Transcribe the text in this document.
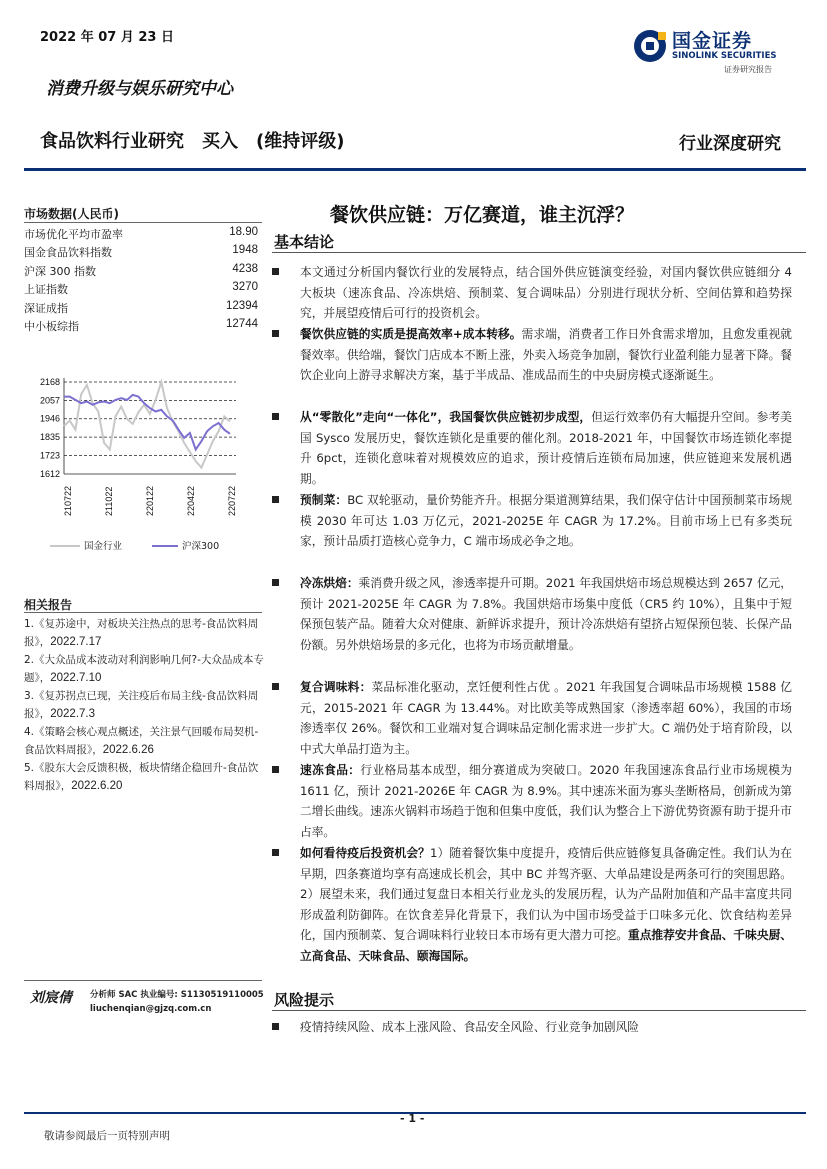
2022 年 07 月 23 日	国金证券
SINOLINK SECURITIES
证券研究报告
消费升级与娱乐研究中心
食品饮料行业研究 买入 (维持评级)	行业深度研究
市场数据(人民币)
市场优化平均市盈率	18.90
国金食品饮料指数	1948
沪深 300 指数	4238
上证指数	3270
深证成指	12394
中小板综指	12744
2168
2057
1946
1835
1723
1612
210722	211022	220122	220422	220722
国金行业	沪深300
相关报告
1.《复苏途中，对板块关注热点的思考-食品饮料周报》，2022.7.17
2.《大众品成本波动对利润影响几何?-大众品成本专题》，2022.7.10
3.《复苏拐点已现，关注疫后布局主线-食品饮料周报》，2022.7.3
4.《策略会核心观点概述，关注景气回暖布局契机-食品饮料周报》，2022.6.26
5.《股东大会反馈积极，板块情绪企稳回升-食品饮料周报》，2022.6.20
刘宸倩 分析师 SAC 执业编号: S1130519110005
liuchenqian@gjzq.com.cn
餐饮供应链：万亿赛道，谁主沉浮？
基本结论
本文通过分析国内餐饮行业的发展特点，结合国外供应链演变经验，对国内餐饮供应链细分 4 大板块（速冻食品、冷冻烘焙、预制菜、复合调味品）分别进行现状分析、空间估算和趋势探究，并展望疫情后可行的投资机会。
餐饮供应链的实质是提高效率+成本转移。需求端，消费者工作日外食需求增加，且愈发重视就餐效率。供给端，餐饮门店成本不断上涨，外卖入场竞争加剧，餐饮行业盈利能力显著下降。餐饮企业向上游寻求解决方案，基于半成品、准成品而生的中央厨房模式逐渐诞生。
从“零散化”走向“一体化”，我国餐饮供应链初步成型，但运行效率仍有大幅提升空间。参考美国 Sysco 发展历史，餐饮连锁化是重要的催化剂。2018-2021 年，中国餐饮市场连锁化率提升 6pct，连锁化意味着对规模效应的追求，预计疫情后连锁布局加速，供应链迎来发展机遇期。
预制菜：BC 双轮驱动，量价势能齐升。根据分渠道测算结果，我们保守估计中国预制菜市场规模 2030 年可达 1.03 万亿元，2021-2025E 年 CAGR 为 17.2%。目前市场上已有多类玩家，预计品质打造核心竞争力，C 端市场成必争之地。
冷冻烘焙：乘消费升级之风，渗透率提升可期。2021 年我国烘焙市场总规模达到 2657 亿元，预计 2021-2025E 年 CAGR 为 7.8%。我国烘焙市场集中度低（CR5 约 10%），且集中于短保预包装产品。随着大众对健康、新鲜诉求提升，预计冷冻烘焙有望挤占短保预包装、长保产品份额。另外烘焙场景的多元化，也将为市场贡献增量。
复合调味料：菜品标准化驱动，烹饪便利性占优 。2021 年我国复合调味品市场规模 1588 亿元，2015-2021 年 CAGR 为 13.44%。对比欧美等成熟国家（渗透率超 60%），我国的市场渗透率仅 26%。餐饮和工业端对复合调味品定制化需求进一步扩大。C 端仍处于培育阶段，以中式大单品打造为主。
速冻食品：行业格局基本成型，细分赛道成为突破口。2020 年我国速冻食品行业市场规模为 1611 亿，预计 2021-2026E 年 CAGR 为 8.9%。其中速冻米面为寡头垄断格局，创新成为第二增长曲线。速冻火锅料市场趋于饱和但集中度低，我们认为整合上下游优势资源有助于提升市占率。
如何看待疫后投资机会？1）随着餐饮集中度提升，疫情后供应链修复具备确定性。我们认为在早期，四条赛道均享有高速成长机会，其中 BC 并驾齐驱、大单品建设是两条可行的突围思路。2）展望未来，我们通过复盘日本相关行业龙头的发展历程，认为产品附加值和产品丰富度共同形成盈利防御阵。在饮食差异化背景下，我们认为中国市场受益于口味多元化、饮食结构差异化，国内预制菜、复合调味料行业较日本市场有更大潜力可挖。重点推荐安井食品、千味央厨、立高食品、天味食品、颐海国际。
风险提示
疫情持续风险、成本上涨风险、食品安全风险、行业竞争加剧风险
- 1 -
敬请参阅最后一页特别声明
